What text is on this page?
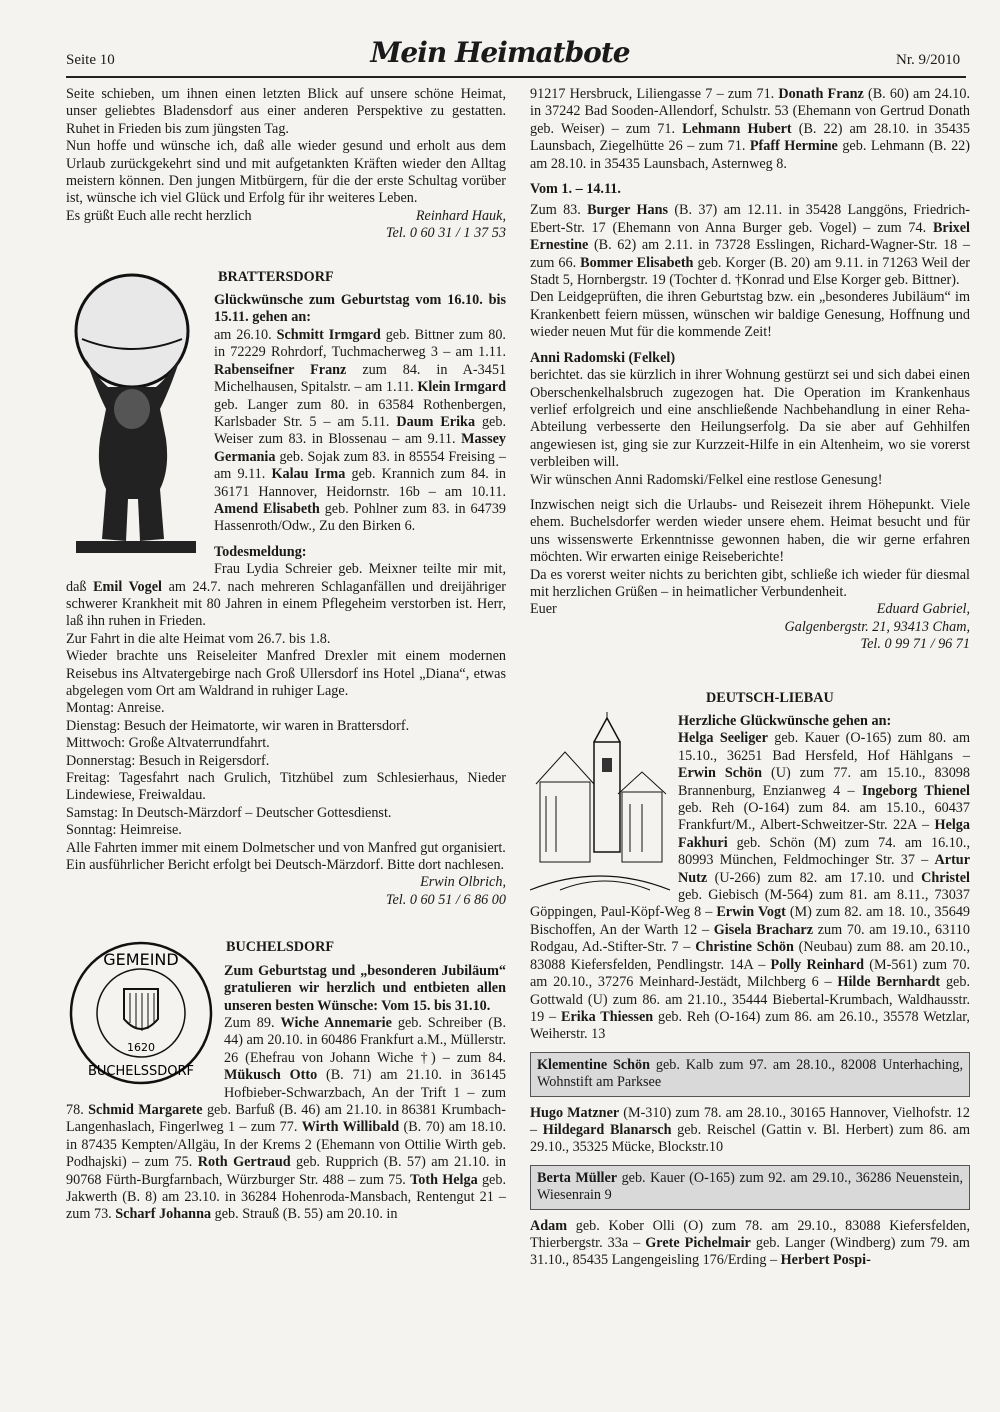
Seite 10	Mein Heimatbote	Nr. 9/2010

Seite schieben, um ihnen einen letzten Blick auf unsere schöne Heimat, unser geliebtes Bladensdorf aus einer anderen Perspektive zu gestatten. Ruhet in Frieden bis zum jüngsten Tag.

Nun hoffe und wünsche ich, daß alle wieder gesund und erholt aus dem Urlaub zurückgekehrt sind und mit aufgetankten Kräften wieder den Alltag meistern können. Den jungen Mitbürgern, für die der erste Schultag vorüber ist, wünsche ich viel Glück und Erfolg für ihr weiteres Leben.

Es grüßt Euch alle recht herzlich	Reinhard Hauk,

Tel. 0 60 31 / 1 37 53

BRATTERSDORF

Glückwünsche zum Geburtstag vom 16.10. bis 15.11. gehen an:

am 26.10. Schmitt Irmgard geb. Bittner zum 80. in 72229 Rohrdorf, Tuchmacherweg 3 – am 1.11. Rabenseifner Franz zum 84. in A-3451 Michelhausen, Spitalstr. – am 1.11. Klein Irmgard geb. Langer zum 80. in 63584 Rothenbergen, Karlsbader Str. 5 – am 5.11. Daum Erika geb. Weiser zum 83. in Blossenau – am 9.11. Massey Germania geb. Sojak zum 83. in 85554 Freising – am 9.11. Kalau Irma geb. Krannich zum 84. in 36171 Hannover, Heidornstr. 16b – am 10.11. Amend Elisabeth geb. Pohlner zum 83. in 64739 Hassenroth/Odw., Zu den Birken 6.

Todesmeldung:

Frau Lydia Schreier geb. Meixner teilte mir mit, daß Emil Vogel am 24.7. nach mehreren Schlaganfällen und dreijähriger schwerer Krankheit mit 80 Jahren in einem Pflegeheim verstorben ist. Herr, laß ihn ruhen in Frieden.

Zur Fahrt in die alte Heimat vom 26.7. bis 1.8.

Wieder brachte uns Reiseleiter Manfred Drexler mit einem modernen Reisebus ins Altvatergebirge nach Groß Ullersdorf ins Hotel „Diana“, etwas abgelegen vom Ort am Waldrand in ruhiger Lage.

Montag: Anreise.

Dienstag: Besuch der Heimatorte, wir waren in Brattersdorf.

Mittwoch: Große Altvaterrundfahrt.

Donnerstag: Besuch in Reigersdorf.

Freitag: Tagesfahrt nach Grulich, Titzhübel zum Schlesierhaus, Nieder Lindewiese, Freiwaldau.

Samstag: In Deutsch-Märzdorf – Deutscher Gottesdienst.

Sonntag: Heimreise.

Alle Fahrten immer mit einem Dolmetscher und von Manfred gut organisiert.

Ein ausführlicher Bericht erfolgt bei Deutsch-Märzdorf. Bitte dort nachlesen.

Erwin Olbrich,

Tel. 0 60 51 / 6 86 00

GEMEIND
1620
BUCHELSSDORF

BUCHELSDORF

Zum Geburtstag und „besonderen Jubiläum“ gratulieren wir herzlich und entbieten allen unseren besten Wünsche: Vom 15. bis 31.10.

Zum 89. Wiche Annemarie geb. Schreiber (B. 44) am 20.10. in 60486 Frankfurt a.M., Müllerstr. 26 (Ehefrau von Johann Wiche †) – zum 84. Mükusch Otto (B. 71) am 21.10. in 36145 Hofbieber-Schwarzbach, An der Trift 1 – zum 78. Schmid Margarete geb. Barfuß (B. 46) am 21.10. in 86381 Krumbach-Langenhaslach, Fingerlweg 1 – zum 77. Wirth Willibald (B. 70) am 18.10. in 87435 Kempten/Allgäu, In der Krems 2 (Ehemann von Ottilie Wirth geb. Podhajski) – zum 75. Roth Gertraud geb. Rupprich (B. 57) am 21.10. in 90768 Fürth-Burgfarnbach, Würzburger Str. 488 – zum 75. Toth Helga geb. Jakwerth (B. 8) am 23.10. in 36284 Hohenroda-Mansbach, Rentengut 21 – zum 73. Scharf Johanna geb. Strauß (B. 55) am 20.10. in

91217 Hersbruck, Liliengasse 7 – zum 71. Donath Franz (B. 60) am 24.10. in 37242 Bad Sooden-Allendorf, Schulstr. 53 (Ehemann von Gertrud Donath geb. Weiser) – zum 71. Lehmann Hubert (B. 22) am 28.10. in 35435 Launsbach, Ziegelhütte 26 – zum 71. Pfaff Hermine geb. Lehmann (B. 22) am 28.10. in 35435 Launsbach, Asternweg 8.

Vom 1. – 14.11.

Zum 83. Burger Hans (B. 37) am 12.11. in 35428 Langgöns, Friedrich-Ebert-Str. 17 (Ehemann von Anna Burger geb. Vogel) – zum 74. Brixel Ernestine (B. 62) am 2.11. in 73728 Esslingen, Richard-Wagner-Str. 18 – zum 66. Bommer Elisabeth geb. Korger (B. 20) am 9.11. in 71263 Weil der Stadt 5, Hornbergstr. 19 (Tochter d. †Konrad und Else Korger geb. Bittner).

Den Leidgeprüften, die ihren Geburtstag bzw. ein „besonderes Jubiläum“ im Krankenbett feiern müssen, wünschen wir baldige Genesung, Hoffnung und wieder neuen Mut für die kommende Zeit!

Anni Radomski (Felkel)

berichtet. das sie kürzlich in ihrer Wohnung gestürzt sei und sich dabei einen Oberschenkelhalsbruch zugezogen hat. Die Operation im Krankenhaus verlief erfolgreich und eine anschließende Nachbehandlung in einer Reha-Abteilung verbesserte den Heilungserfolg. Da sie aber auf Gehhilfen angewiesen ist, ging sie zur Kurzzeit-Hilfe in ein Altenheim, wo sie vorerst verbleiben will.

Wir wünschen Anni Radomski/Felkel eine restlose Genesung!

Inzwischen neigt sich die Urlaubs- und Reisezeit ihrem Höhepunkt. Viele ehem. Buchelsdorfer werden wieder unsere ehem. Heimat besucht und für uns wissenswerte Erkenntnisse gewonnen haben, die wir gerne erfahren möchten. Wir erwarten einige Reiseberichte!

Da es vorerst weiter nichts zu berichten gibt, schließe ich wieder für diesmal mit herzlichen Grüßen – in heimatlicher Verbundenheit.

Euer	Eduard Gabriel,

Galgenbergstr. 21, 93413 Cham,

Tel. 0 99 71 / 96 71

DEUTSCH-LIEBAU

Herzliche Glückwünsche gehen an:

Helga Seeliger geb. Kauer (O-165) zum 80. am 15.10., 36251 Bad Hersfeld, Hof Hählgans – Erwin Schön (U) zum 77. am 15.10., 83098 Brannenburg, Enzianweg 4 – Ingeborg Thienel geb. Reh (O-164) zum 84. am 15.10., 60437 Frankfurt/M., Albert-Schweitzer-Str. 22A – Helga Fakhuri geb. Schön (M) zum 74. am 16.10., 80993 München, Feldmochinger Str. 37 – Artur Nutz (U-266) zum 82. am 17.10. und Christel geb. Giebisch (M-564) zum 81. am 8.11., 73037 Göppingen, Paul-Köpf-Weg 8 – Erwin Vogt (M) zum 82. am 18. 10., 35649 Bischoffen, An der Warth 12 – Gisela Bracharz zum 70. am 19.10., 63110 Rodgau, Ad.-Stifter-Str. 7 – Christine Schön (Neubau) zum 88. am 20.10., 83088 Kiefersfelden, Pendlingstr. 14A – Polly Reinhard (M-561) zum 70. am 20.10., 37276 Meinhard-Jestädt, Milchberg 6 – Hilde Bernhardt geb. Gottwald (U) zum 86. am 21.10., 35444 Biebertal-Krumbach, Waldhausstr. 19 – Erika Thiessen geb. Reh (O-164) zum 86. am 26.10., 35578 Wetzlar, Weiherstr. 13

Klementine Schön geb. Kalb zum 97. am 28.10., 82008 Unterhaching, Wohnstift am Parksee

Hugo Matzner (M-310) zum 78. am 28.10., 30165 Hannover, Vielhofstr. 12 – Hildegard Blanarsch geb. Reischel (Gattin v. Bl. Herbert) zum 86. am 29.10., 35325 Mücke, Blockstr.10

Berta Müller geb. Kauer (O-165) zum 92. am 29.10., 36286 Neuenstein, Wiesenrain 9

Adam geb. Kober Olli (O) zum 78. am 29.10., 83088 Kiefersfelden, Thierbergstr. 33a – Grete Pichelmair geb. Langer (Windberg) zum 79. am 31.10., 85435 Langengeisling 176/Erding – Herbert Pospi-
